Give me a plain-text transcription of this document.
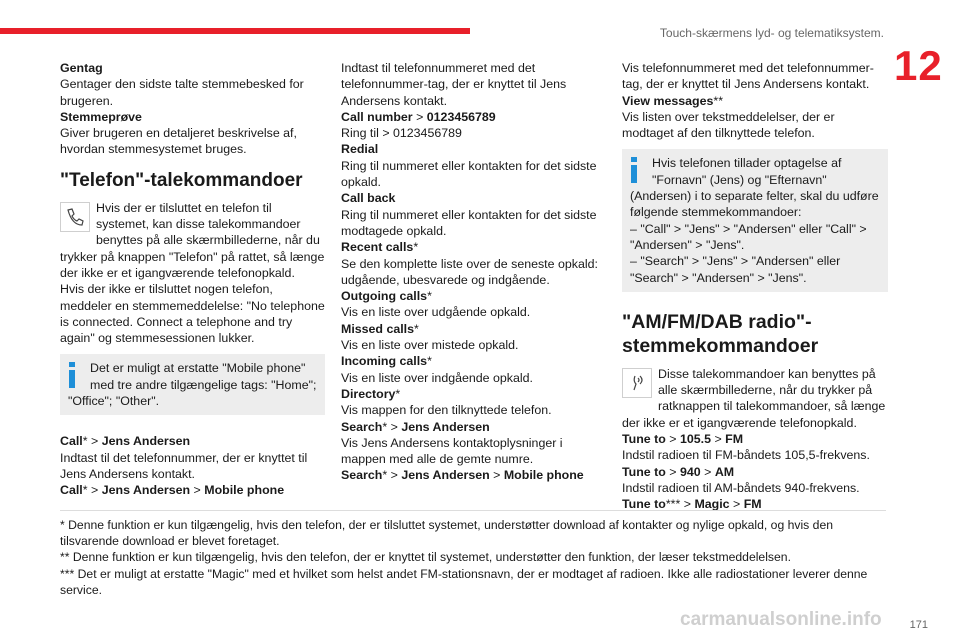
Touch-skærmens lyd- og telematiksystem.
12
Gentag
Gentager den sidste talte stemmebesked for brugeren.
Stemmeprøve
Giver brugeren en detaljeret beskrivelse af, hvordan stemmesystemet bruges.
"Telefon"-talekommandoer
Hvis der er tilsluttet en telefon til systemet, kan disse talekommandoer benyttes på alle skærmbillederne, når du trykker på knappen "Telefon" på rattet, så længe der ikke er et igangværende telefonopkald.
Hvis der ikke er tilsluttet nogen telefon, meddeler en stemmemeddelelse: "No telephone is connected. Connect a telephone and try again" og stemmesessionen lukker.
Det er muligt at erstatte "Mobile phone" med tre andre tilgængelige tags: "Home"; "Office"; "Other".
Call* > Jens Andersen
Indtast til det telefonnummer, der er knyttet til Jens Andersens kontakt.
Call* > Jens Andersen > Mobile phone
Indtast til telefonnummeret med det telefonnummer-tag, der er knyttet til Jens Andersens kontakt.
Call number > 0123456789
Ring til > 0123456789
Redial
Ring til nummeret eller kontakten for det sidste opkald.
Call back
Ring til nummeret eller kontakten for det sidste modtagede opkald.
Recent calls*
Se den komplette liste over de seneste opkald: udgående, ubesvarede og indgående.
Outgoing calls*
Vis en liste over udgående opkald.
Missed calls*
Vis en liste over mistede opkald.
Incoming calls*
Vis en liste over indgående opkald.
Directory*
Vis mappen for den tilknyttede telefon.
Search* > Jens Andersen
Vis Jens Andersens kontaktoplysninger i mappen med alle de gemte numre.
Search* > Jens Andersen > Mobile phone
Vis telefonnummeret med det telefonnummer-tag, der er knyttet til Jens Andersens kontakt.
View messages**
Vis listen over tekstmeddelelser, der er modtaget af den tilknyttede telefon.
Hvis telefonen tillader optagelse af "Fornavn" (Jens) og "Efternavn" (Andersen) i to separate felter, skal du udføre følgende stemmekommandoer:
– "Call" > "Jens" > "Andersen" eller "Call" > "Andersen" > "Jens".
– "Search" > "Jens" > "Andersen" eller "Search" > "Andersen" > "Jens".
"AM/FM/DAB radio"-stemmekommandoer
Disse talekommandoer kan benyttes på alle skærmbillederne, når du trykker på ratknappen til talekommandoer, så længe der ikke er et igangværende telefonopkald.
Tune to > 105.5 > FM
Indstil radioen til FM-båndets 105,5-frekvens.
Tune to > 940 > AM
Indstil radioen til AM-båndets 940-frekvens.
Tune to*** > Magic > FM
* Denne funktion er kun tilgængelig, hvis den telefon, der er tilsluttet systemet, understøtter download af kontakter og nylige opkald, og hvis den tilsvarende download er blevet foretaget.
** Denne funktion er kun tilgængelig, hvis den telefon, der er knyttet til systemet, understøtter den funktion, der læser tekstmeddelelsen.
*** Det er muligt at erstatte "Magic" med et hvilket som helst andet FM-stationsnavn, der er modtaget af radioen. Ikke alle radiostationer leverer denne service.
carmanualsonline.info	171
